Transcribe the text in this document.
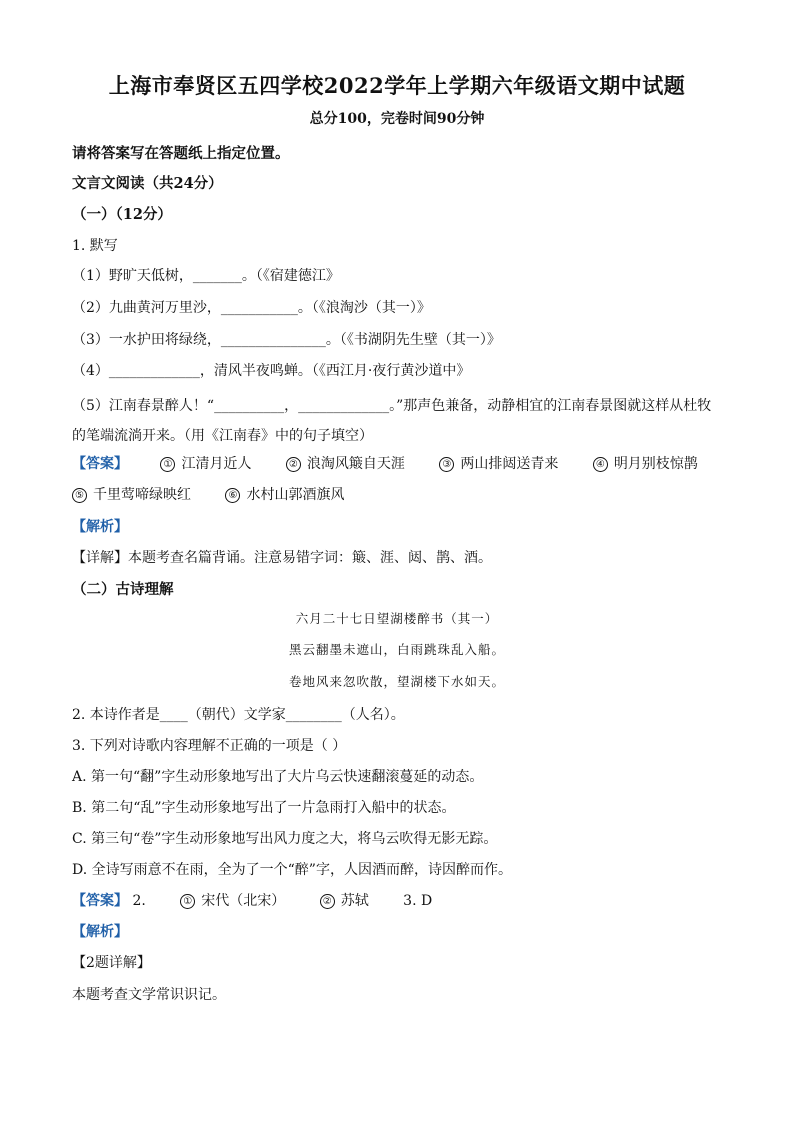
上海市奉贤区五四学校2022学年上学期六年级语文期中试题
总分100，完卷时间90分钟
请将答案写在答题纸上指定位置。
文言文阅读（共24分）
（一）（12分）
1. 默写
（1）野旷天低树，_______。（《宿建德江》
（2）九曲黄河万里沙，___________。（《浪淘沙（其一）》
（3）一水护田将绿绕，_______________。（《书湖阴先生壁（其一）》
（4）_____________，清风半夜鸣蝉。（《西江月·夜行黄沙道中》
（5）江南春景醉人！“__________，_____________。”那声色兼备，动静相宜的江南春景图就这样从杜牧的笔端流淌开来。（用《江南春》中的句子填空）
【答案】	① 江清月近人	② 浪淘风簸自天涯	③ 两山排闼送青来	④ 明月别枝惊鹊
⑤ 千里莺啼绿映红	⑥ 水村山郭酒旗风
【解析】
【详解】本题考查名篇背诵。注意易错字词：簸、涯、闼、鹊、酒。
（二）古诗理解
六月二十七日望湖楼醉书（其一）
黑云翻墨未遮山，白雨跳珠乱入船。
卷地风来忽吹散，望湖楼下水如天。
2. 本诗作者是____（朝代）文学家________（人名）。
3. 下列对诗歌内容理解不正确的一项是（ ）
A. 第一句“翻”字生动形象地写出了大片乌云快速翻滚蔓延的动态。
B. 第二句“乱”字生动形象地写出了一片急雨打入船中的状态。
C. 第三句“卷”字生动形象地写出风力度之大，将乌云吹得无影无踪。
D. 全诗写雨意不在雨，全为了一个“醉”字，人因酒而醉，诗因醉而作。
【答案】 2.	① 宋代（北宋）	② 苏轼 3. D
【解析】
【2题详解】
本题考查文学常识识记。
